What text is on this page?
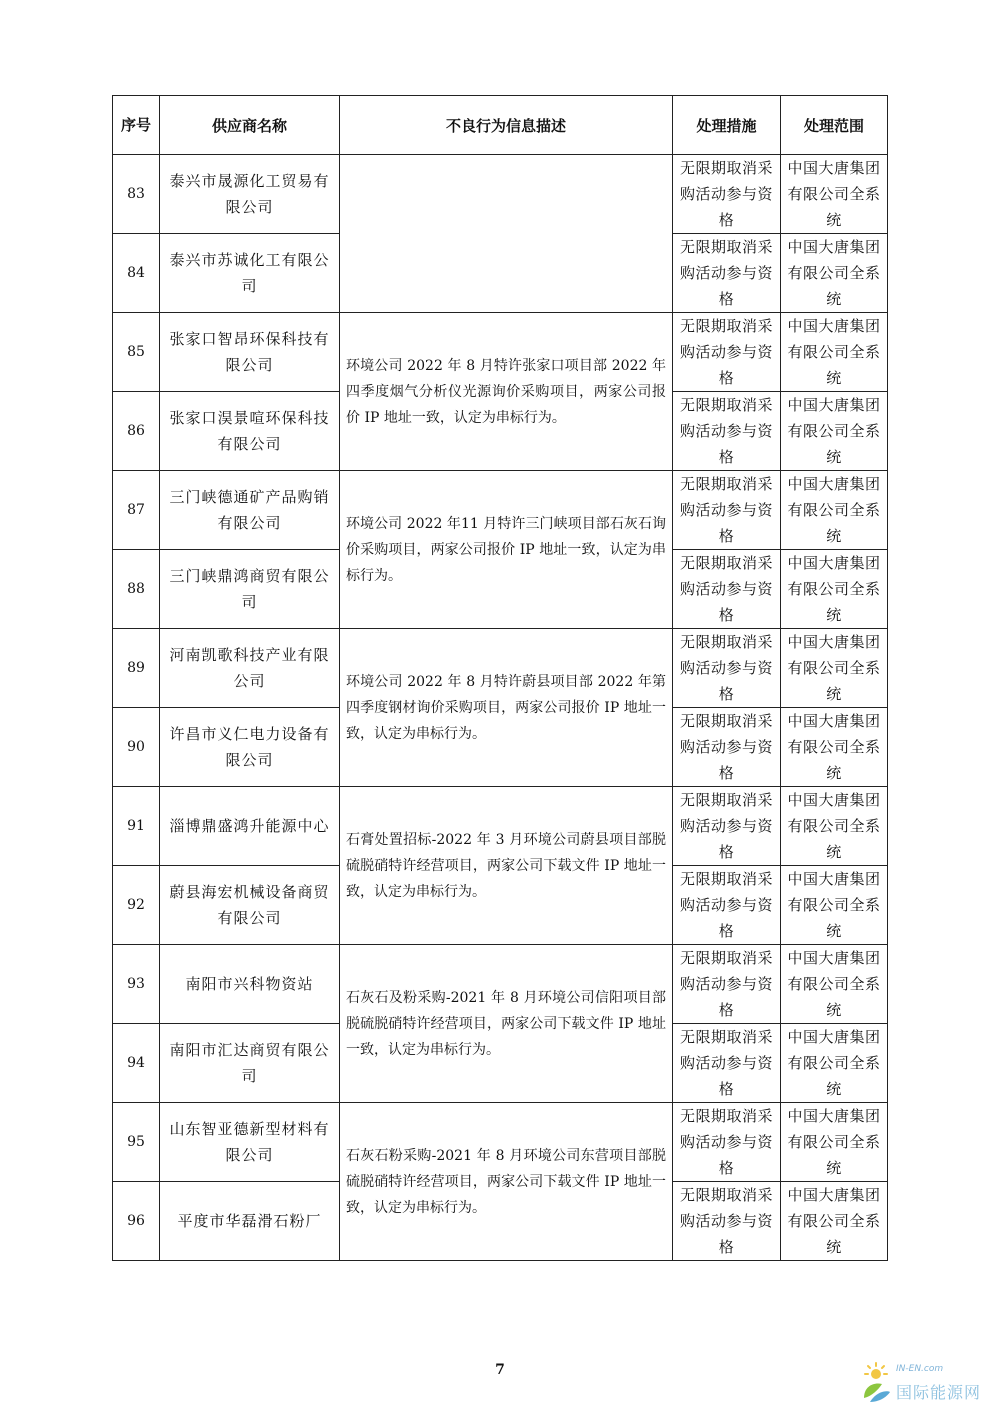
序号	供应商名称	不良行为信息描述	处理措施	处理范围
83	泰兴市晟源化工贸易有限公司		无限期取消采购活动参与资格	中国大唐集团有限公司全系统
84	泰兴市苏诚化工有限公司		无限期取消采购活动参与资格	中国大唐集团有限公司全系统
85	张家口智昂环保科技有限公司	环境公司 2022 年 8 月特许张家口项目部 2022 年四季度烟气分析仪光源询价采购项目，两家公司报价 IP 地址一致，认定为串标行为。	无限期取消采购活动参与资格	中国大唐集团有限公司全系统
86	张家口淏景喧环保科技有限公司		无限期取消采购活动参与资格	中国大唐集团有限公司全系统
87	三门峡德通矿产品购销有限公司	环境公司 2022 年11 月特许三门峡项目部石灰石询价采购项目，两家公司报价 IP 地址一致，认定为串标行为。	无限期取消采购活动参与资格	中国大唐集团有限公司全系统
88	三门峡鼎鸿商贸有限公司		无限期取消采购活动参与资格	中国大唐集团有限公司全系统
89	河南凯歌科技产业有限公司	环境公司 2022 年 8 月特许蔚县项目部 2022 年第四季度钢材询价采购项目，两家公司报价 IP 地址一致，认定为串标行为。	无限期取消采购活动参与资格	中国大唐集团有限公司全系统
90	许昌市义仁电力设备有限公司		无限期取消采购活动参与资格	中国大唐集团有限公司全系统
91	淄博鼎盛鸿升能源中心	石膏处置招标-2022 年 3 月环境公司蔚县项目部脱硫脱硝特许经营项目，两家公司下载文件 IP 地址一致，认定为串标行为。	无限期取消采购活动参与资格	中国大唐集团有限公司全系统
92	蔚县海宏机械设备商贸有限公司		无限期取消采购活动参与资格	中国大唐集团有限公司全系统
93	南阳市兴科物资站	石灰石及粉采购-2021 年 8 月环境公司信阳项目部脱硫脱硝特许经营项目，两家公司下载文件 IP 地址一致，认定为串标行为。	无限期取消采购活动参与资格	中国大唐集团有限公司全系统
94	南阳市汇达商贸有限公司		无限期取消采购活动参与资格	中国大唐集团有限公司全系统
95	山东智亚德新型材料有限公司	石灰石粉采购-2021 年 8 月环境公司东营项目部脱硫脱硝特许经营项目，两家公司下载文件 IP 地址一致，认定为串标行为。	无限期取消采购活动参与资格	中国大唐集团有限公司全系统
96	平度市华磊滑石粉厂		无限期取消采购活动参与资格	中国大唐集团有限公司全系统
7	IN-EN.com
国际能源网
